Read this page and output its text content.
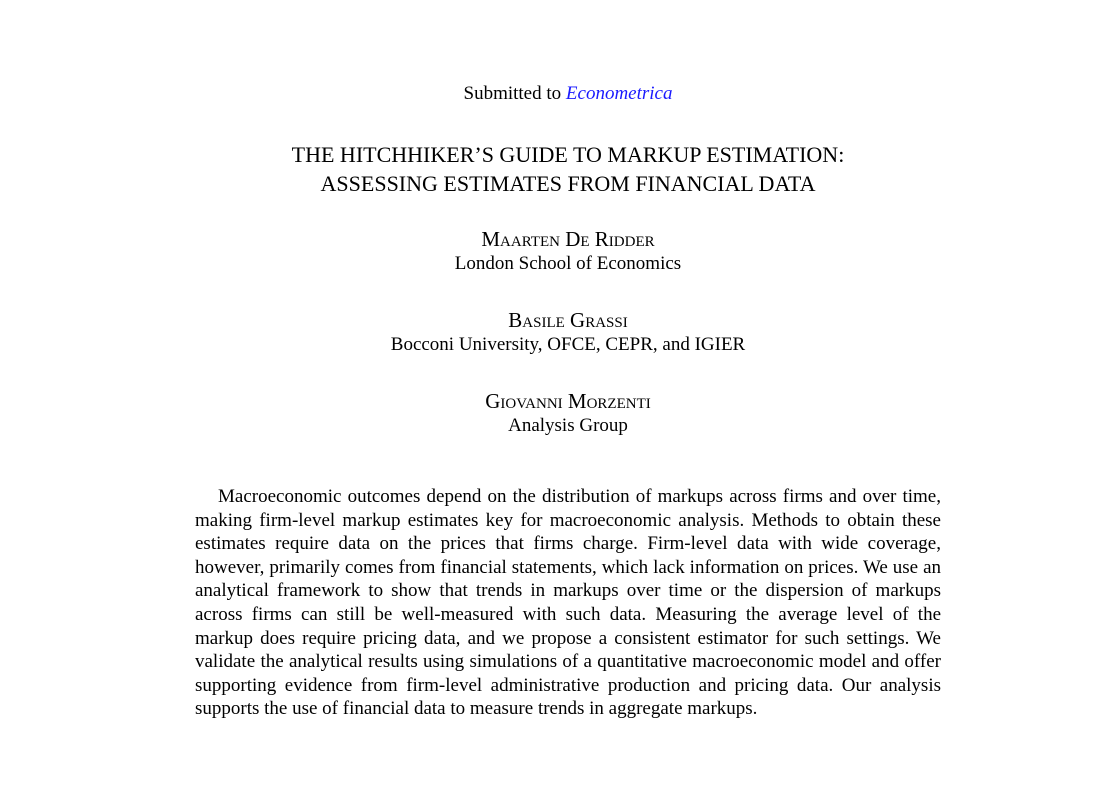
Submitted to Econometrica
THE HITCHHIKER’S GUIDE TO MARKUP ESTIMATION:
ASSESSING ESTIMATES FROM FINANCIAL DATA
Maarten De Ridder
London School of Economics
Basile Grassi
Bocconi University, OFCE, CEPR, and IGIER
Giovanni Morzenti
Analysis Group

Macroeconomic outcomes depend on the distribution of markups across firms and over time, making firm-level markup estimates key for macroeconomic analysis. Methods to obtain these estimates require data on the prices that firms charge. Firm-level data with wide coverage, however, primarily comes from financial statements, which lack information on prices. We use an analytical framework to show that trends in markups over time or the dispersion of markups across firms can still be well-measured with such data. Measuring the average level of the markup does require pricing data, and we propose a consistent estimator for such settings. We validate the analytical results using simulations of a quantitative macroeconomic model and offer supporting evidence from firm-level administrative production and pricing data. Our analysis supports the use of financial data to measure trends in aggregate markups.
